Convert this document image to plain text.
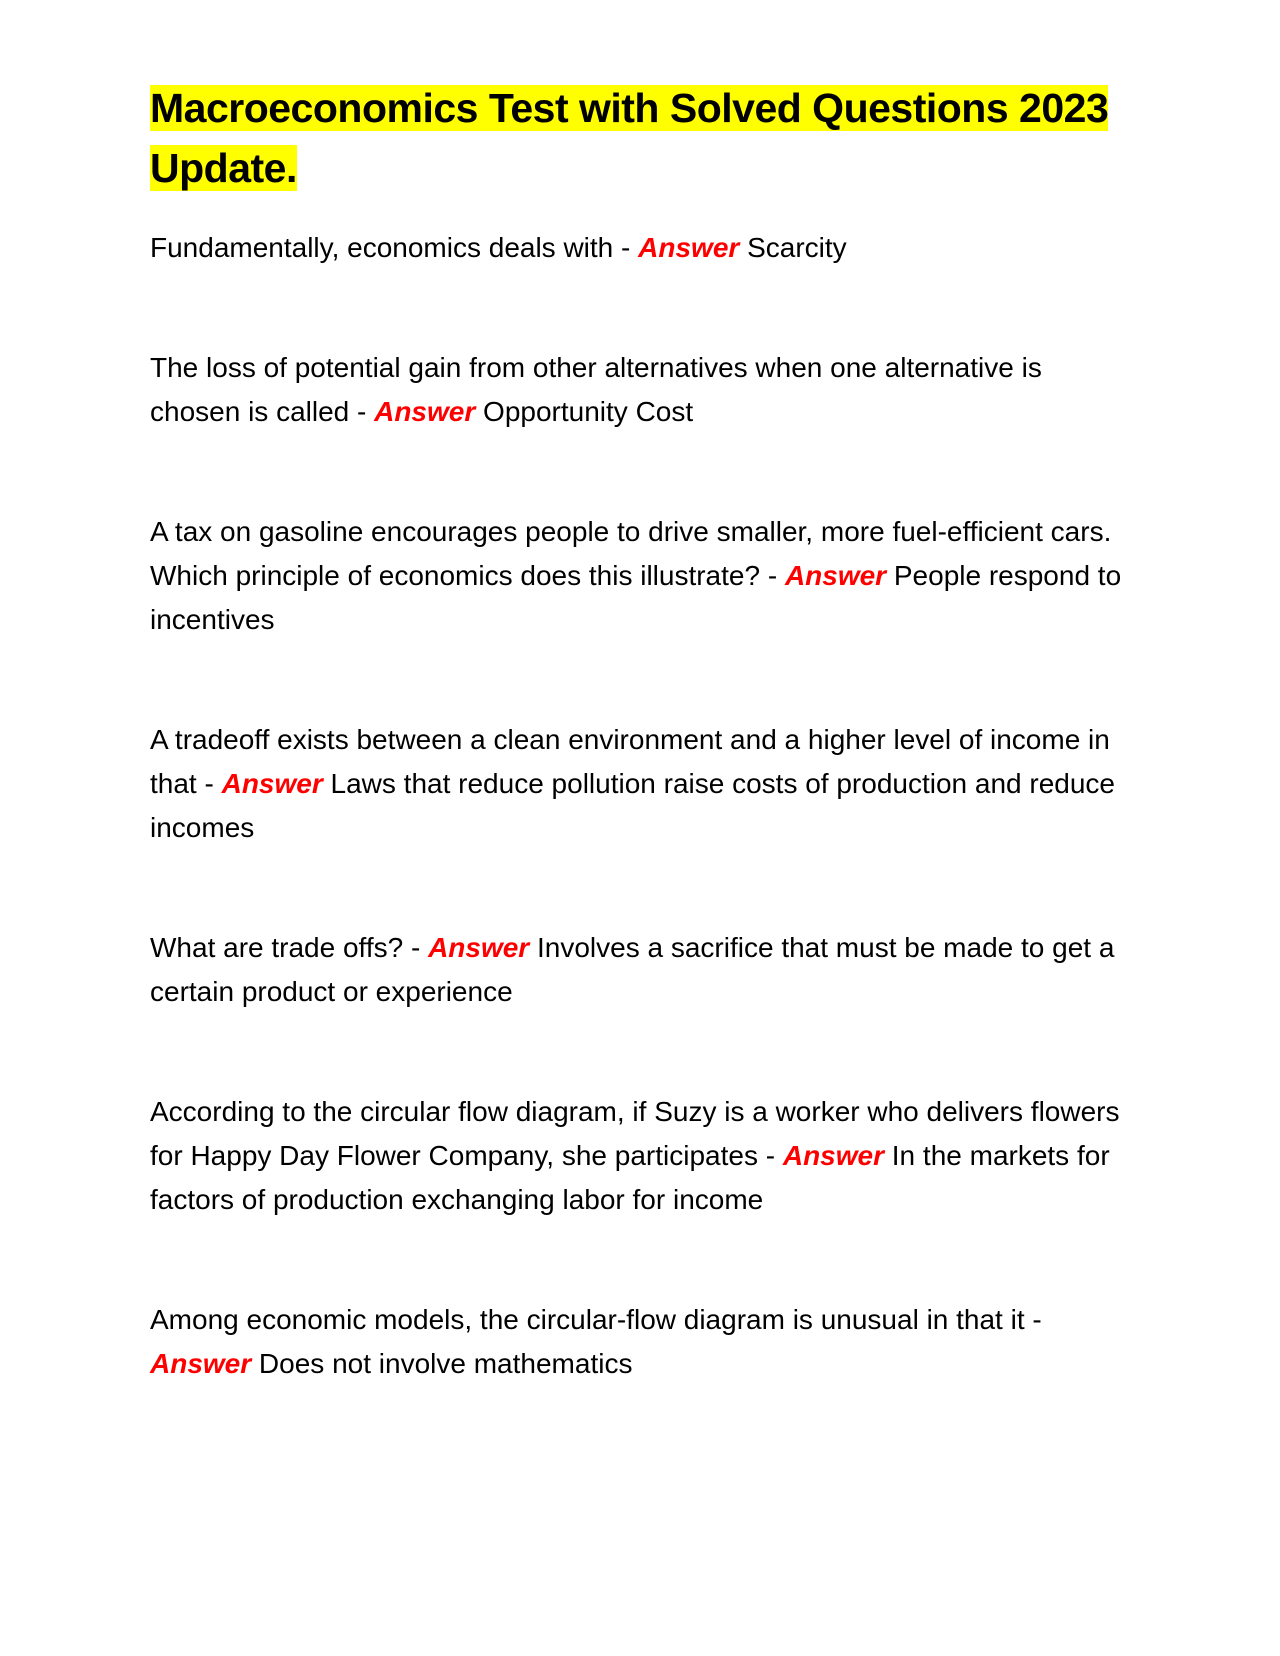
Macroeconomics Test with Solved Questions 2023 Update.

Fundamentally, economics deals with - Answer Scarcity

The loss of potential gain from other alternatives when one alternative is chosen is called - Answer Opportunity Cost

A tax on gasoline encourages people to drive smaller, more fuel-efficient cars. Which principle of economics does this illustrate? - Answer People respond to incentives

A tradeoff exists between a clean environment and a higher level of income in that - Answer Laws that reduce pollution raise costs of production and reduce incomes

What are trade offs? - Answer Involves a sacrifice that must be made to get a certain product or experience

According to the circular flow diagram, if Suzy is a worker who delivers flowers for Happy Day Flower Company, she participates - Answer In the markets for factors of production exchanging labor for income

Among economic models, the circular-flow diagram is unusual in that it - Answer Does not involve mathematics
